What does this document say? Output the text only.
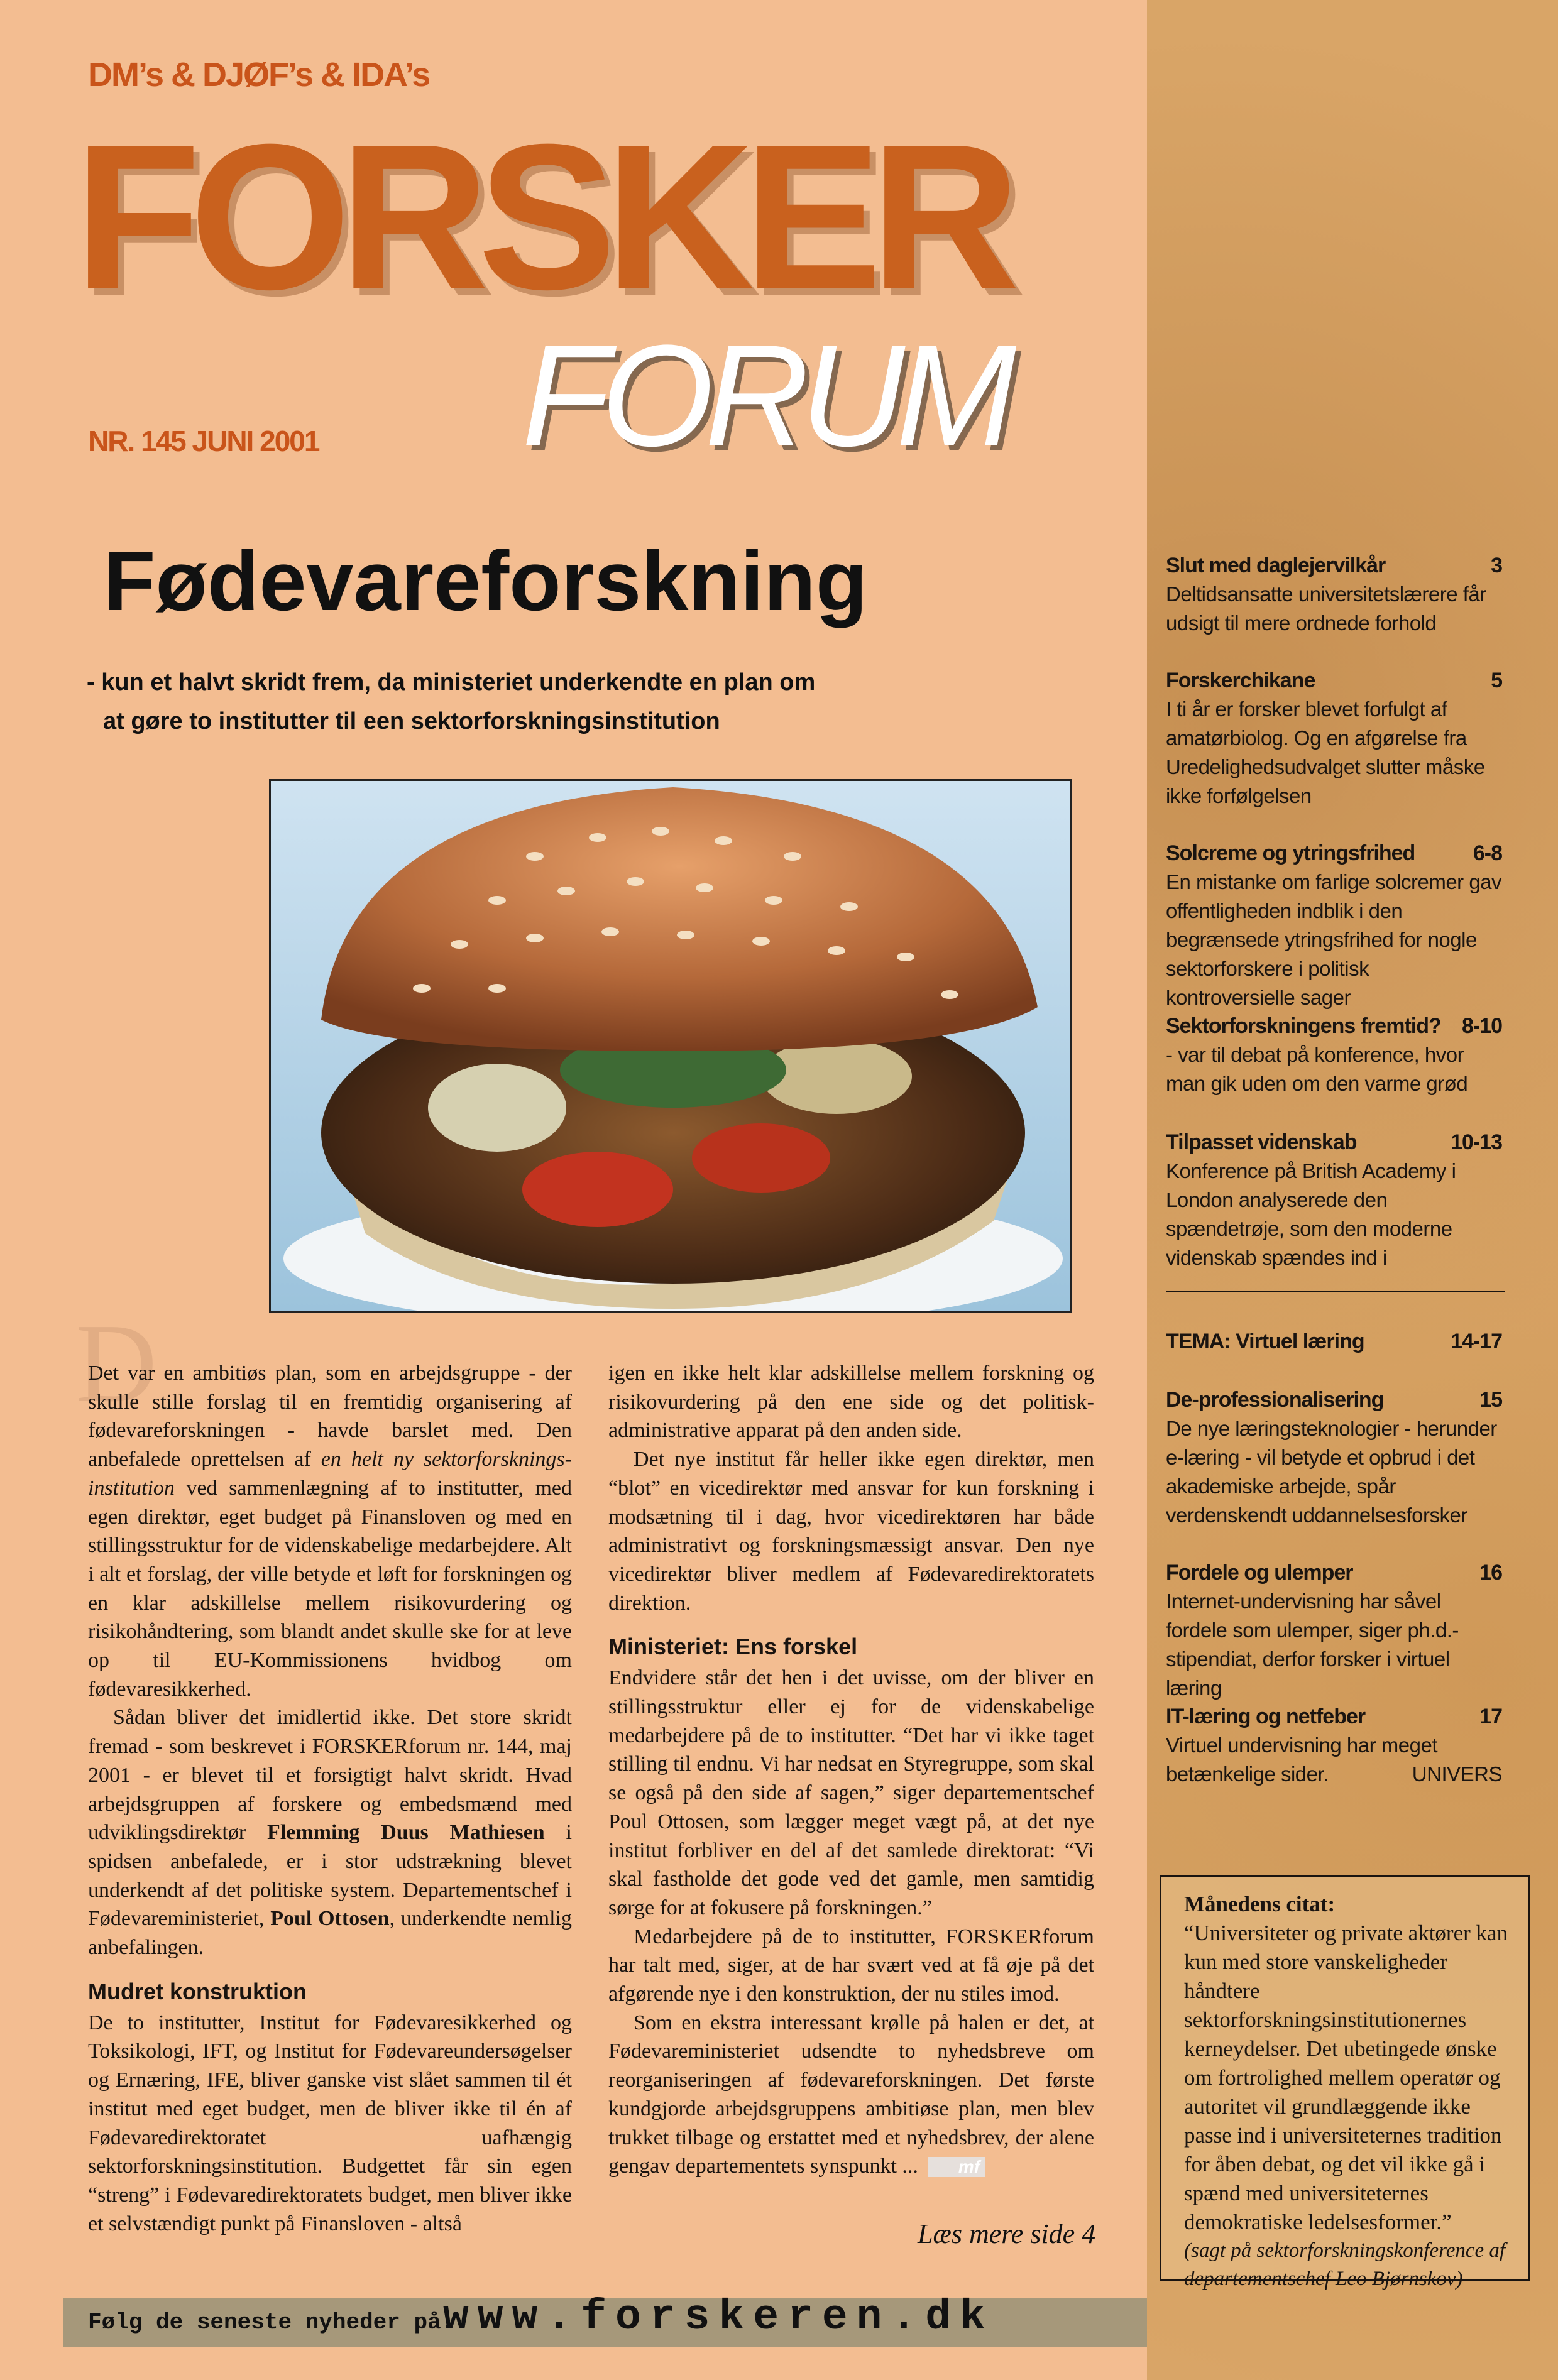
DM’s & DJØF’s & IDA’s
FORSKER
FORUM
NR. 145 JUNI 2001
Fødevareforskning
- kun et halvt skridt frem, da ministeriet underkendte en plan om
at gøre to institutter til een sektorforskningsinstitution
D

Det var en ambitiøs plan, som en arbejdsgruppe - der skulle stille forslag til en fremtidig organisering af fødevareforskningen - havde barslet med. Den anbefalede oprettelsen af en helt ny sektorforskningsinstitution ved sammenlægning af to institutter, med egen direktør, eget budget på Finansloven og med en stillingsstruktur for de videnskabelige medarbejdere. Alt i alt et forslag, der ville betyde et løft for forskningen og en klar adskillelse mellem risikovurdering og risikohåndtering, som blandt andet skulle ske for at leve op til EU-Kommissionens hvidbog om fødevaresikkerhed.

Sådan bliver det imidlertid ikke. Det store skridt fremad - som beskrevet i FORSKERforum nr. 144, maj 2001 - er blevet til et forsigtigt halvt skridt. Hvad arbejdsgruppen af forskere og embedsmænd med udviklingsdirektør Flemming Duus Mathiesen i spidsen anbefalede, er i stor udstrækning blevet underkendt af det politiske system. Departementschef i Fødevareministeriet, Poul Ottosen, underkendte nemlig anbefalingen.

Mudret konstruktion

De to institutter, Institut for Fødevaresikkerhed og Toksikologi, IFT, og Institut for Fødevareundersøgelser og Ernæring, IFE, bliver ganske vist slået sammen til ét institut med eget budget, men de bliver ikke til én af Fødevaredirektoratet uafhængig sektorforskningsinstitution. Budgettet får sin egen “streng” i Fødevaredirektoratets budget, men bliver ikke et selvstændigt punkt på Finansloven - altså

igen en ikke helt klar adskillelse mellem forskning og risikovurdering på den ene side og det politisk-administrative apparat på den anden side.

Det nye institut får heller ikke egen direktør, men “blot” en vicedirektør med ansvar for kun forskning i modsætning til i dag, hvor vicedirektøren har både administrativt og forskningsmæssigt ansvar. Den nye vicedirektør bliver medlem af Fødevaredirektoratets direktion.

Ministeriet: Ens forskel

Endvidere står det hen i det uvisse, om der bliver en stillingsstruktur eller ej for de videnskabelige medarbejdere på de to institutter. “Det har vi ikke taget stilling til endnu. Vi har nedsat en Styregruppe, som skal se også på den side af sagen,” siger departementschef Poul Ottosen, som lægger meget vægt på, at det nye institut forbliver en del af det samlede direktorat: “Vi skal fastholde det gode ved det gamle, men samtidig sørge for at fokusere på forskningen.”

Medarbejdere på de to institutter, FORSKERforum har talt med, siger, at de har svært ved at få øje på det afgørende nye i den konstruktion, der nu stiles imod.

Som en ekstra interessant krølle på halen er det, at Fødevareministeriet udsendte to nyhedsbreve om reorganiseringen af fødevareforskningen. Det første kundgjorde arbejdsgruppens ambitiøse plan, men blev trukket tilbage og erstattet med et nyhedsbrev, der alene gengav departementets synspunkt ... mf

Læs mere side 4
Følg de seneste nyheder på:
www.forskeren.dk
Slut med daglejervilkår	3
Deltidsansatte universitetslærere får udsigt til mere ordnede forhold
Forskerchikane	5
I ti år er forsker blevet forfulgt af amatørbiolog. Og en afgørelse fra Uredelighedsudvalget slutter måske ikke forfølgelsen
Solcreme og ytringsfrihed	6-8
En mistanke om farlige solcremer gav offentligheden indblik i den begrænsede ytringsfrihed for nogle sektorforskere i politisk kontroversielle sager
Sektorforskningens fremtid? 8-10
- var til debat på konference, hvor man gik uden om den varme grød
Tilpasset videnskab	10-13
Konference på British Academy i London analyserede den spændetrøje, som den moderne videnskab spændes ind i
TEMA: Virtuel læring	14-17
De-professionalisering	15
De nye læringsteknologier - herunder e-læring - vil betyde et opbrud i det akademiske arbejde, spår verdenskendt uddannelsesforsker
Fordele og ulemper	16
Internet-undervisning har såvel fordele som ulemper, siger ph.d.-stipendiat, derfor forsker i virtuel læring
IT-læring og netfeber	17
Virtuel undervisning har meget betænkelige sider.	UNIVERS
Månedens citat:
“Universiteter og private aktører kan kun med store vanskeligheder håndtere sektorforskningsinstitutionernes kerneydelser. Det ubetingede ønske om fortrolighed mellem operatør og autoritet vil grundlæggende ikke passe ind i universiteternes tradition for åben debat, og det vil ikke gå i spænd med universiteternes demokratiske ledelsesformer.”
(sagt på sektorforskningskonference af departementschef Leo Bjørnskov)
